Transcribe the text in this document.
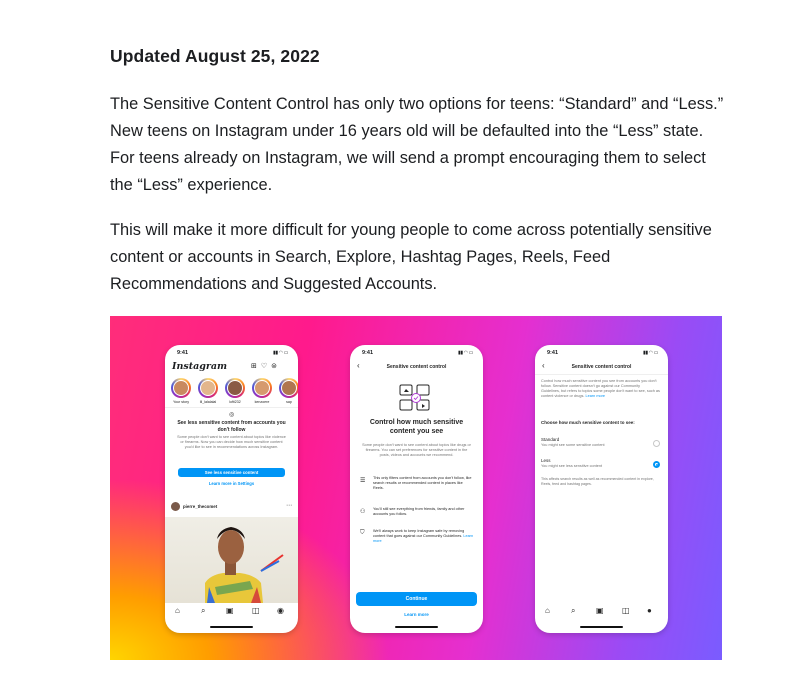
Updated August 25, 2022

The Sensitive Content Control has only two options for teens: “Standard” and “Less.” New teens on Instagram under 16 years old will be defaulted into the “Less” state. For teens already on Instagram, we will send a prompt encouraging them to select the “Less” experience.

This will make it more difficult for young people to come across potentially sensitive content or accounts in Search, Explore, Hashtag Pages, Reels, Feed Recommendations and Suggested Accounts.

9:41	▮▮ ◠ ▭
Instagram	⊞♡⊜
Your story	lil_lalalalal	lofti232	kenzoere	sap
◎
See less sensitive content from accounts you don't follow
Some people don't want to see content about topics like violence or firearms. Now you can decide how much sensitive content you'd like to see in recommendations across Instagram.
See less sensitive content
Learn more in Settings
pierre_thecomet	⋯
⌂	⌕	▣ ◫ ◉
9:41	▮▮ ◠ ▭
‹	Sensitive content control
Control how much sensitive content you see
Some people don't want to see content about topics like drugs or firearms. You can set preferences for sensitive content in the posts, videos and accounts we recommend.
☰ This only filters content from accounts you don't follow, like search results or recommended content in places like Reels.
⚇ You'll still see everything from friends, family and other accounts you follow.
⛉ We'll always work to keep Instagram safe by removing content that goes against our Community Guidelines. Learn more
Continue
Learn more
9:41	▮▮ ◠ ▭
‹	Sensitive content control
Control how much sensitive content you see from accounts you don't follow. Sensitive content doesn't go against our Community Guidelines, but refers to topics some people don't want to see, such as content violence or drugs. Learn more
Choose how much sensitive content to see:
Standard
You might see some sensitive content
Less
You might see less sensitive content
This affects search results as well as recommended content in explore, Reels, feed and hashtag pages.
⌂	⌕	▣ ◫ ●
